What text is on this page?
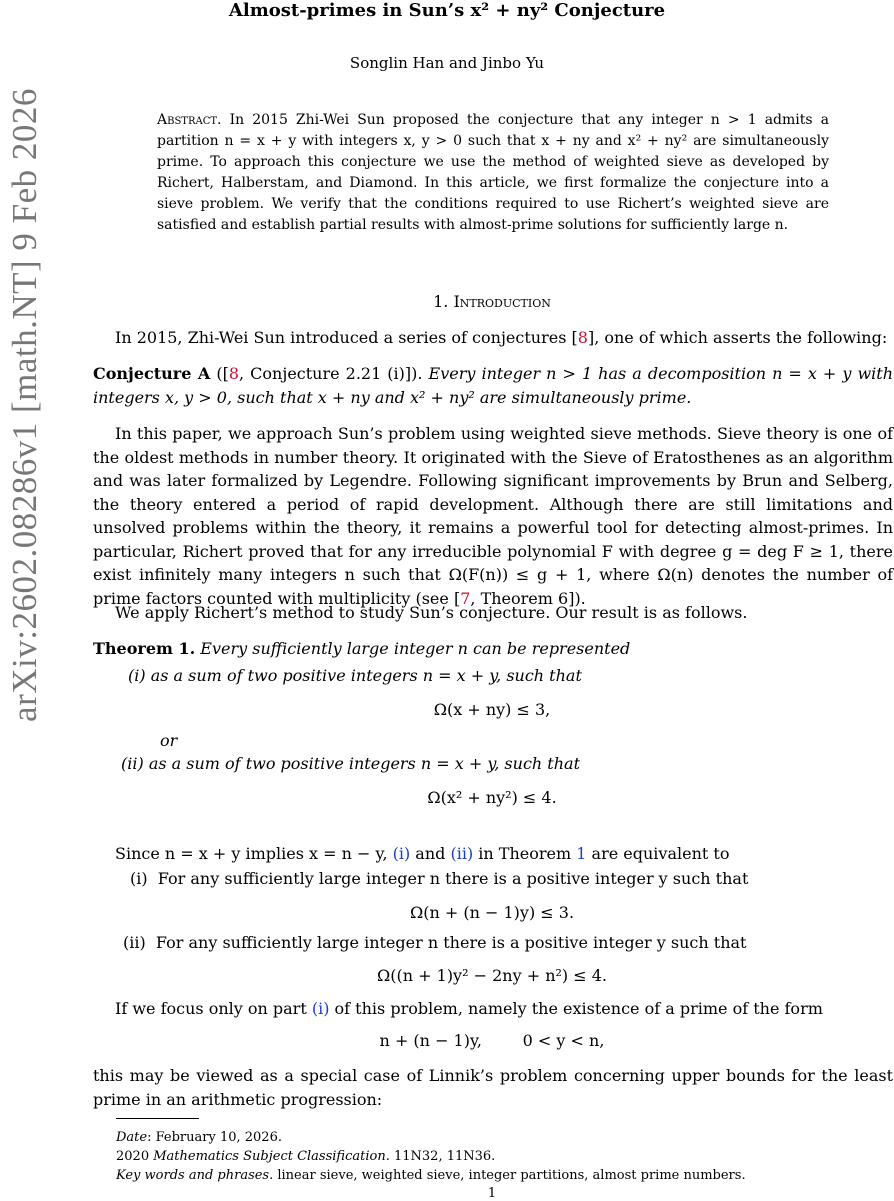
arXiv:2602.08286v1 [math.NT] 9 Feb 2026
Almost-primes in Sun’s x² + ny² Conjecture
Songlin Han and Jinbo Yu
Abstract. In 2015 Zhi-Wei Sun proposed the conjecture that any integer n > 1 admits a partition n = x + y with integers x, y > 0 such that x + ny and x² + ny² are simultaneously prime. To approach this conjecture we use the method of weighted sieve as developed by Richert, Halberstam, and Diamond. In this article, we first formalize the conjecture into a sieve problem. We verify that the conditions required to use Richert’s weighted sieve are satisfied and establish partial results with almost-prime solutions for sufficiently large n.
1. Introduction
In 2015, Zhi-Wei Sun introduced a series of conjectures [8], one of which asserts the following:
Conjecture A ([8, Conjecture 2.21 (i)]). Every integer n > 1 has a decomposition n = x + y with integers x, y > 0, such that x + ny and x² + ny² are simultaneously prime.
In this paper, we approach Sun’s problem using weighted sieve methods. Sieve theory is one of the oldest methods in number theory. It originated with the Sieve of Eratosthenes as an algorithm and was later formalized by Legendre. Following significant improvements by Brun and Selberg, the theory entered a period of rapid development. Although there are still limitations and unsolved problems within the theory, it remains a powerful tool for detecting almost-primes. In particular, Richert proved that for any irreducible polynomial F with degree g = deg F ≥ 1, there exist infinitely many integers n such that Ω(F(n)) ≤ g + 1, where Ω(n) denotes the number of prime factors counted with multiplicity (see [7, Theorem 6]).
We apply Richert’s method to study Sun’s conjecture. Our result is as follows.
Theorem 1. Every sufficiently large integer n can be represented
(i) as a sum of two positive integers n = x + y, such that
Ω(x + ny) ≤ 3,
or
(ii) as a sum of two positive integers n = x + y, such that
Ω(x² + ny²) ≤ 4.
Since n = x + y implies x = n − y, (i) and (ii) in Theorem 1 are equivalent to
(i) For any sufficiently large integer n there is a positive integer y such that
Ω(n + (n − 1)y) ≤ 3.
(ii) For any sufficiently large integer n there is a positive integer y such that
Ω((n + 1)y² − 2ny + n²) ≤ 4.
If we focus only on part (i) of this problem, namely the existence of a prime of the form
n + (n − 1)y,        0 < y < n,
this may be viewed as a special case of Linnik’s problem concerning upper bounds for the least prime in an arithmetic progression:
Date: February 10, 2026.
2020 Mathematics Subject Classification. 11N32, 11N36.
Key words and phrases. linear sieve, weighted sieve, integer partitions, almost prime numbers.
1
